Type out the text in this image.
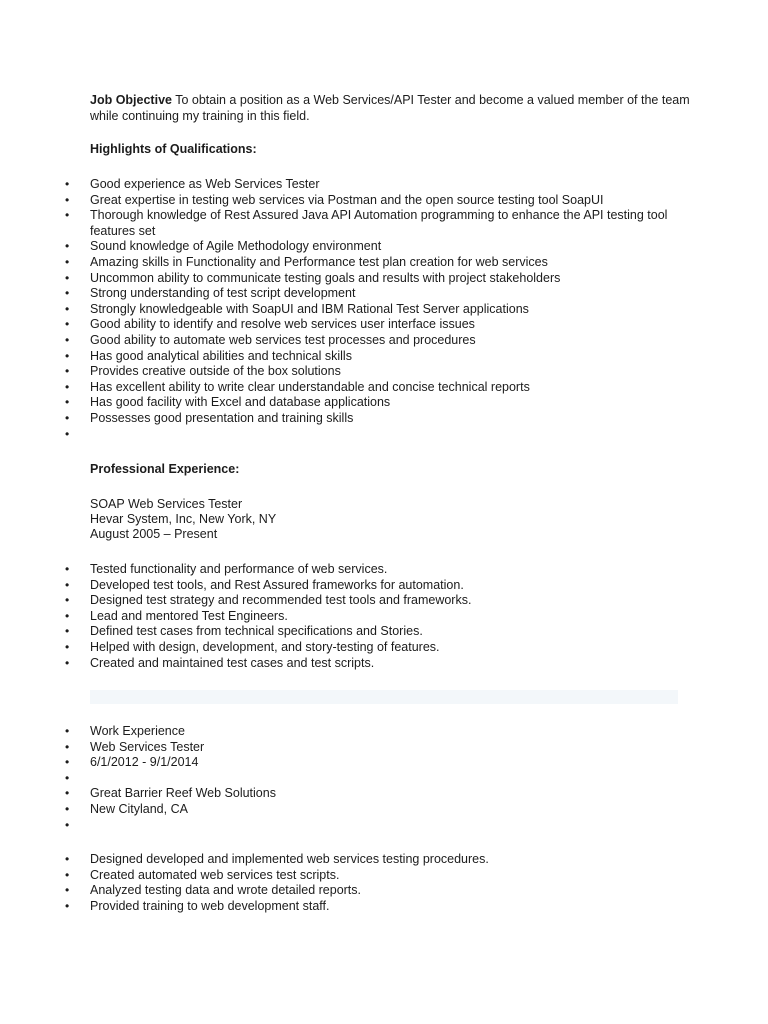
Job Objective To obtain a position as a Web Services/API Tester and become a valued member of the team while continuing my training in this field.
Highlights of Qualifications:
• Good experience as Web Services Tester
• Great expertise in testing web services via Postman and the open source testing tool SoapUI
• Thorough knowledge of Rest Assured Java API Automation programming to enhance the API testing tool features set
• Sound knowledge of Agile Methodology environment
• Amazing skills in Functionality and Performance test plan creation for web services
• Uncommon ability to communicate testing goals and results with project stakeholders
• Strong understanding of test script development
• Strongly knowledgeable with SoapUI and IBM Rational Test Server applications
• Good ability to identify and resolve web services user interface issues
• Good ability to automate web services test processes and procedures
• Has good analytical abilities and technical skills
• Provides creative outside of the box solutions
• Has excellent ability to write clear understandable and concise technical reports
• Has good facility with Excel and database applications
• Possesses good presentation and training skills
•
Professional Experience:
SOAP Web Services Tester
Hevar System, Inc, New York, NY
August 2005 – Present
• Tested functionality and performance of web services.
• Developed test tools, and Rest Assured frameworks for automation.
• Designed test strategy and recommended test tools and frameworks.
• Lead and mentored Test Engineers.
• Defined test cases from technical specifications and Stories.
• Helped with design, development, and story-testing of features.
• Created and maintained test cases and test scripts.
• Work Experience
• Web Services Tester
• 6/1/2012 - 9/1/2014
•
• Great Barrier Reef Web Solutions
• New Cityland, CA
•
• Designed developed and implemented web services testing procedures.
• Created automated web services test scripts.
• Analyzed testing data and wrote detailed reports.
• Provided training to web development staff.
